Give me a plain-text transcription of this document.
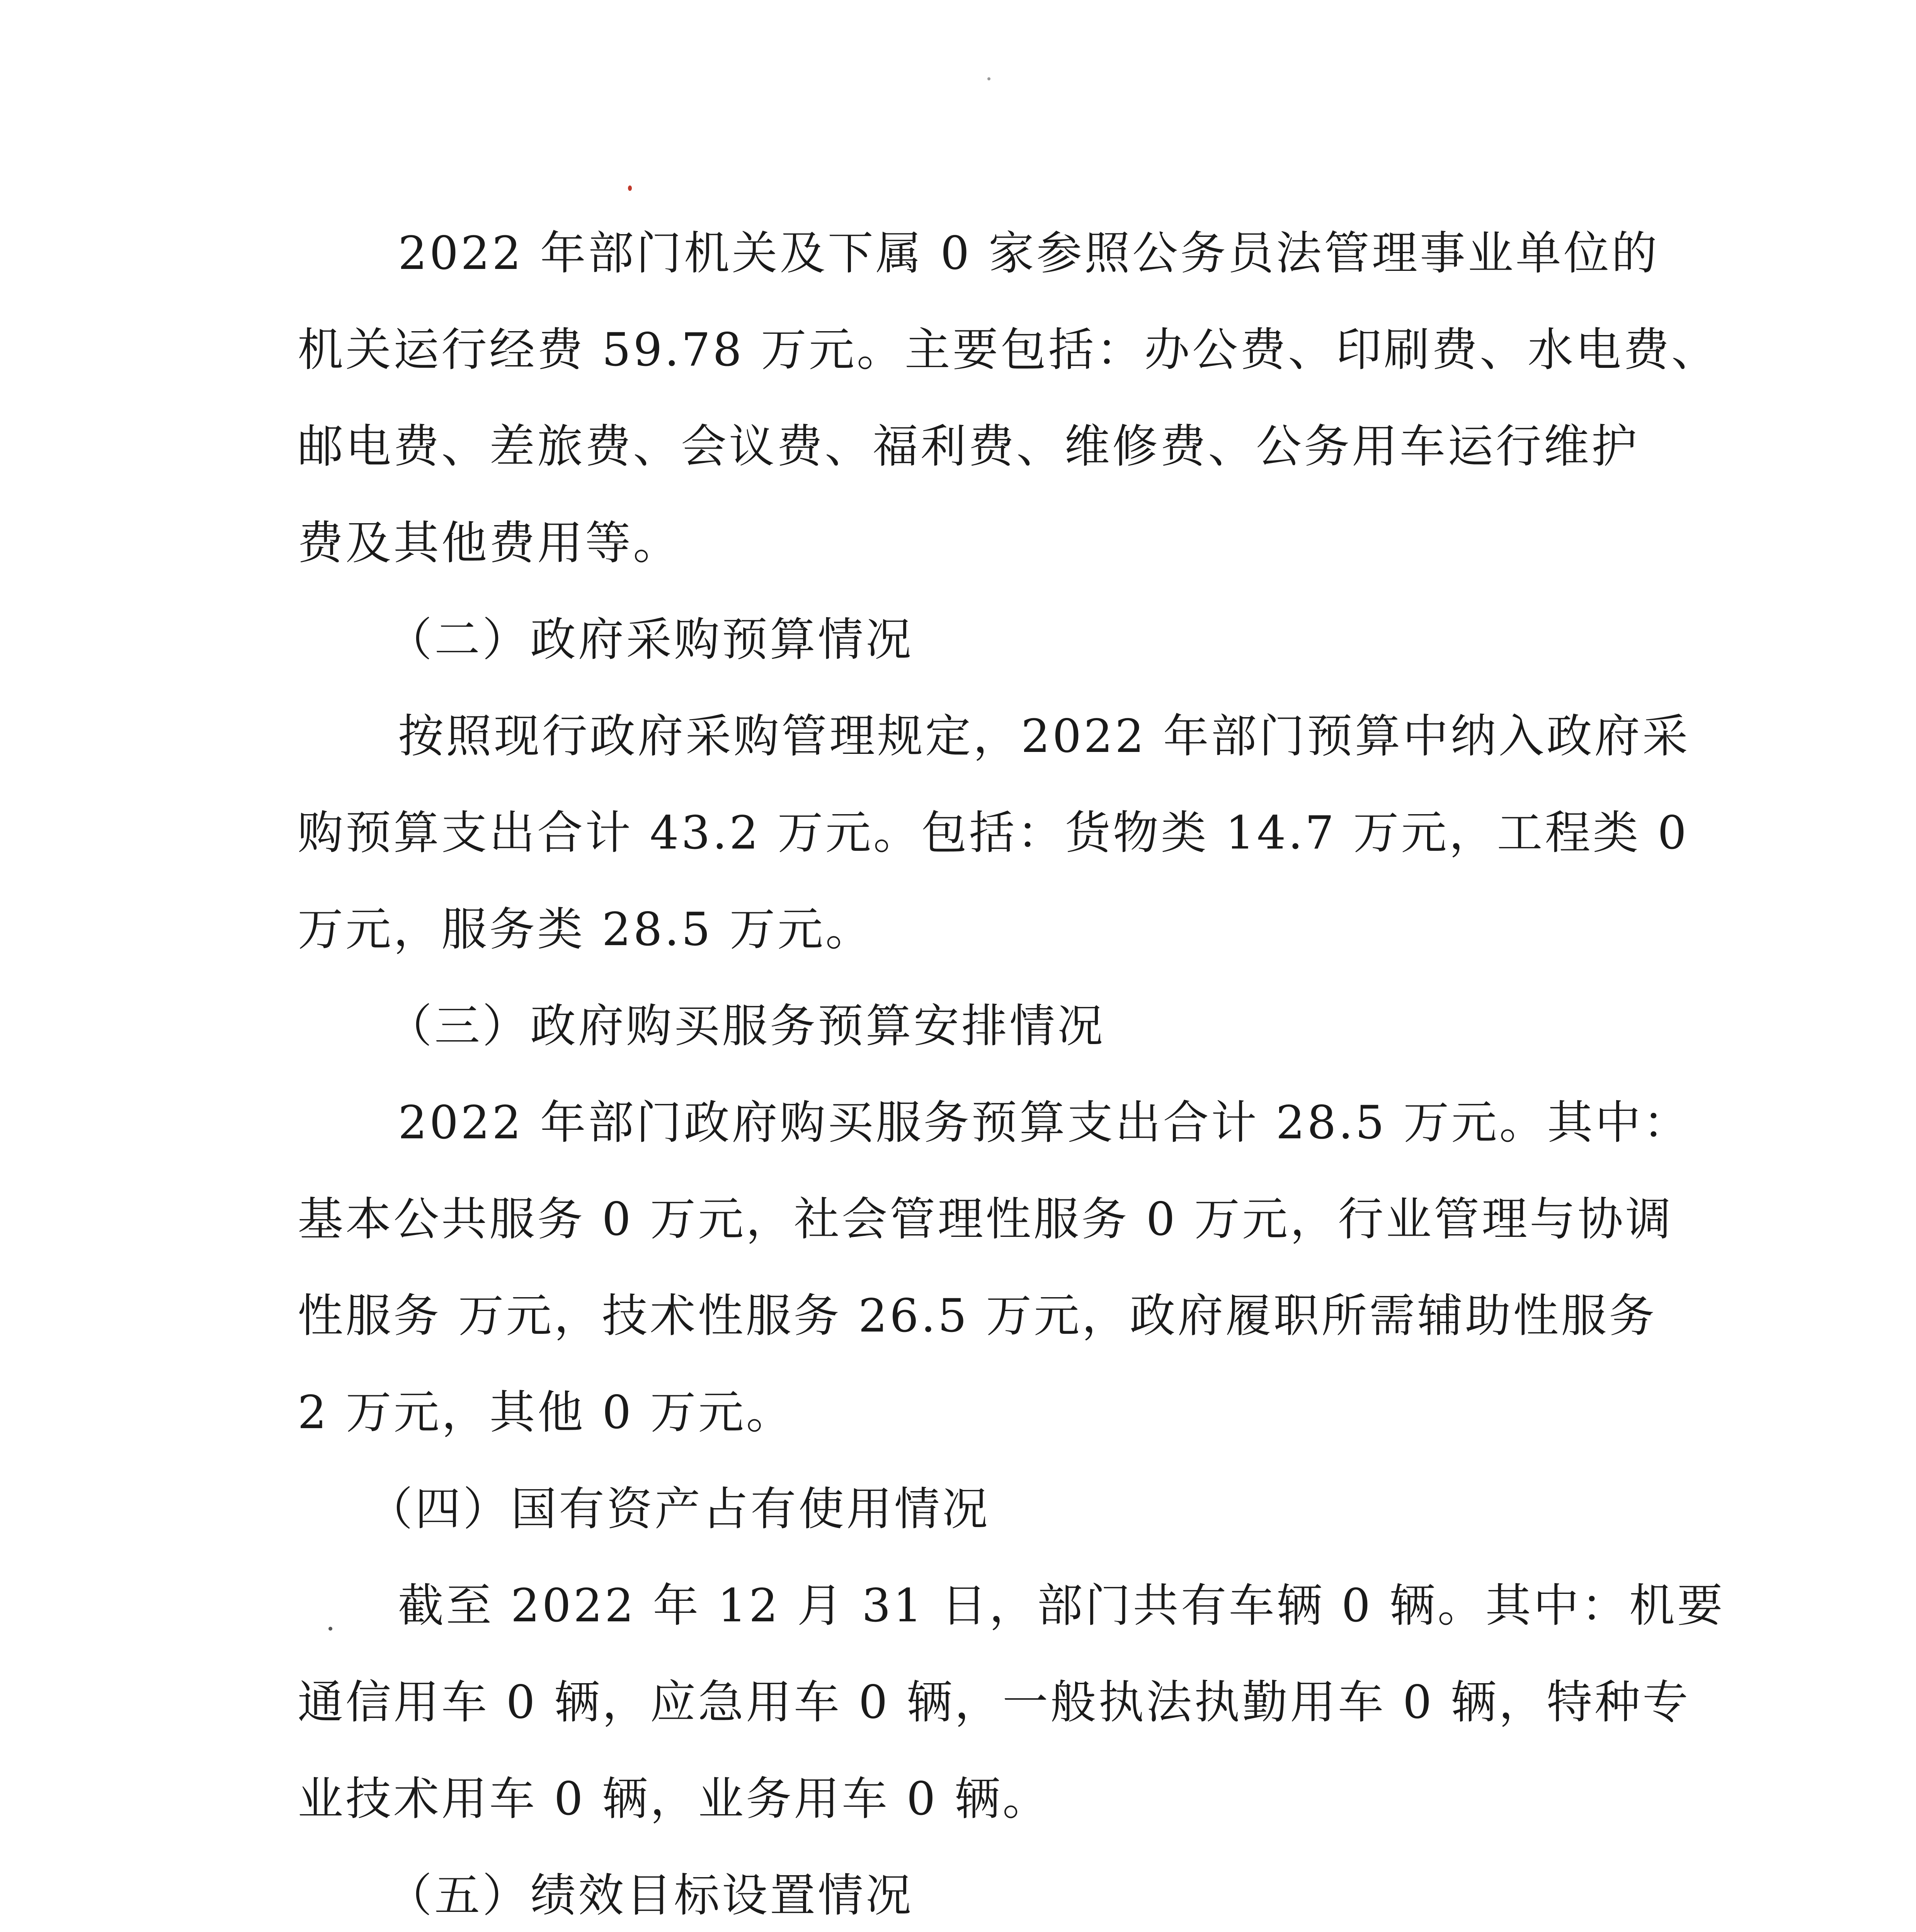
2022 年部门机关及下属 0 家参照公务员法管理事业单位的

机关运行经费 59.78 万元。主要包括：办公费、印刷费、水电费、

邮电费、差旅费、会议费、福利费、维修费、公务用车运行维护

费及其他费用等。

（二）政府采购预算情况

按照现行政府采购管理规定，2022 年部门预算中纳入政府采

购预算支出合计 43.2 万元。包括：货物类 14.7 万元，工程类 0

万元，服务类 28.5 万元。

（三）政府购买服务预算安排情况

2022 年部门政府购买服务预算支出合计 28.5 万元。其中：

基本公共服务 0 万元，社会管理性服务 0 万元，行业管理与协调

性服务 万元，技术性服务 26.5 万元，政府履职所需辅助性服务

2 万元，其他 0 万元。

（四）国有资产占有使用情况

截至 2022 年 12 月 31 日，部门共有车辆 0 辆。其中：机要

通信用车 0 辆，应急用车 0 辆，一般执法执勤用车 0 辆，特种专

业技术用车 0 辆，业务用车 0 辆。

（五）绩效目标设置情况
